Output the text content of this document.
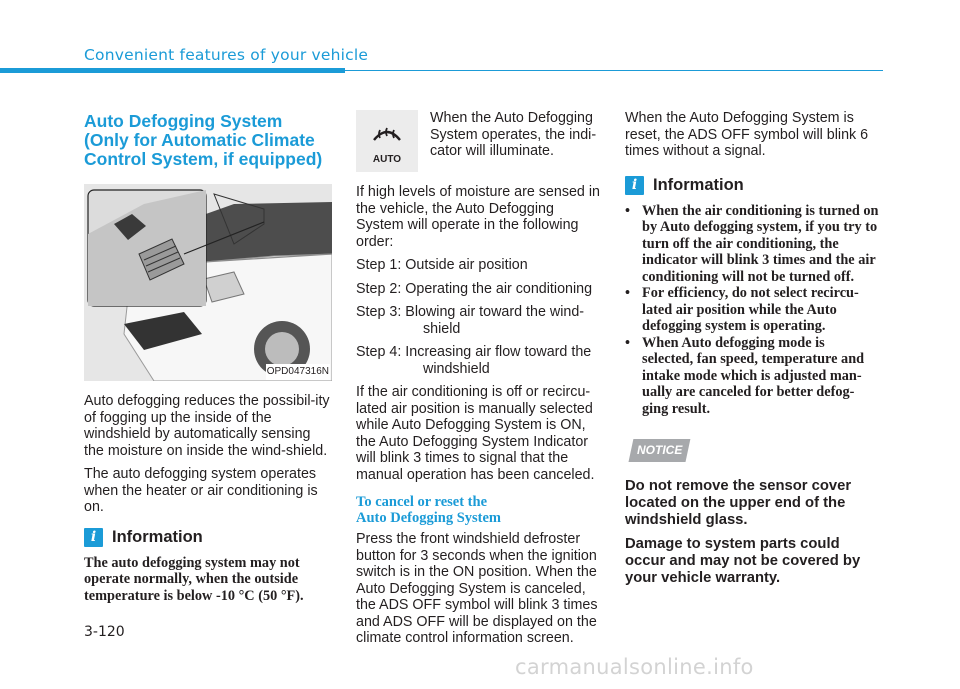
Convenient features of your vehicle
Auto Defogging System
(Only for Automatic Climate
Control System, if equipped)
OPD047316N

Auto defogging reduces the possibil-ity of fogging up the inside of the windshield by automatically sensing the moisture on inside the wind-shield.

The auto defogging system operates when the heater or air conditioning is on.

i Information

The auto defogging system may not operate normally, when the outside temperature is below -10 °C (50 °F).

AUTO
When the Auto Defogging System operates, the indi-cator will illuminate.

If high levels of moisture are sensed in the vehicle, the Auto Defogging System will operate in the following order:

Step 1: Outside air position

Step 2: Operating the air conditioning

Step 3: Blowing air toward the wind-shield

Step 4: Increasing air flow toward the windshield

If the air conditioning is off or recircu-lated air position is manually selected while Auto Defogging System is ON, the Auto Defogging System Indicator will blink 3 times to signal that the manual operation has been canceled.

To cancel or reset the
Auto Defogging System

Press the front windshield defroster button for 3 seconds when the ignition switch is in the ON position. When the Auto Defogging System is canceled, the ADS OFF symbol will blink 3 times and ADS OFF will be displayed on the climate control information screen.

When the Auto Defogging System is reset, the ADS OFF symbol will blink 6 times without a signal.

i Information
• When the air conditioning is turned on by Auto defogging system, if you try to turn off the air conditioning, the indicator will blink 3 times and the air conditioning will not be turned off.
• For efficiency, do not select recircu-lated air position while the Auto defogging system is operating.
• When Auto defogging mode is selected, fan speed, temperature and intake mode which is adjusted man-ually are canceled for better defog-ging result.
NOTICE

Do not remove the sensor cover located on the upper end of the windshield glass.

Damage to system parts could occur and may not be covered by your vehicle warranty.

3-120
carmanualsonline.info
